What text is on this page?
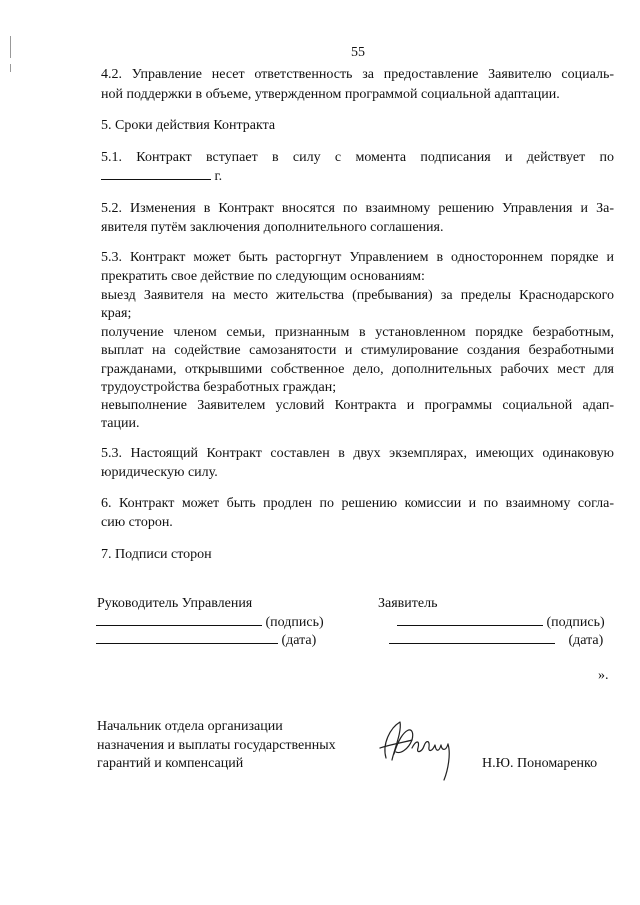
55
4.2. Управление несет ответственность за предоставление Заявителю социаль-
ной поддержки в объеме, утвержденном программой социальной адаптации.
5. Сроки действия Контракта
5.1. Контракт вступает в силу с момента подписания и действует по
г.
5.2. Изменения в Контракт вносятся по взаимному решению Управления и За-
явителя путём заключения дополнительного соглашения.
5.3. Контракт может быть расторгнут Управлением в одностороннем порядке и
прекратить свое действие по следующим основаниям:
выезд Заявителя на место жительства (пребывания) за пределы Краснодарского
края;
получение членом семьи, признанным в установленном порядке безработным,
выплат на содействие самозанятости и стимулирование создания безработными
гражданами, открывшими собственное дело, дополнительных рабочих мест для
трудоустройства безработных граждан;
невыполнение Заявителем условий Контракта и программы социальной адап-
тации.
5.3. Настоящий Контракт составлен в двух экземплярах, имеющих одинаковую
юридическую силу.
6. Контракт может быть продлен по решению комиссии и по взаимному согла-
сию сторон.
7. Подписи сторон
Руководитель Управления	Заявитель
(подпись)
(дата)
(подпись)
(дата)
».
Начальник отдела организации
назначения и выплаты государственных
гарантий и компенсаций	Н.Ю. Пономаренко
